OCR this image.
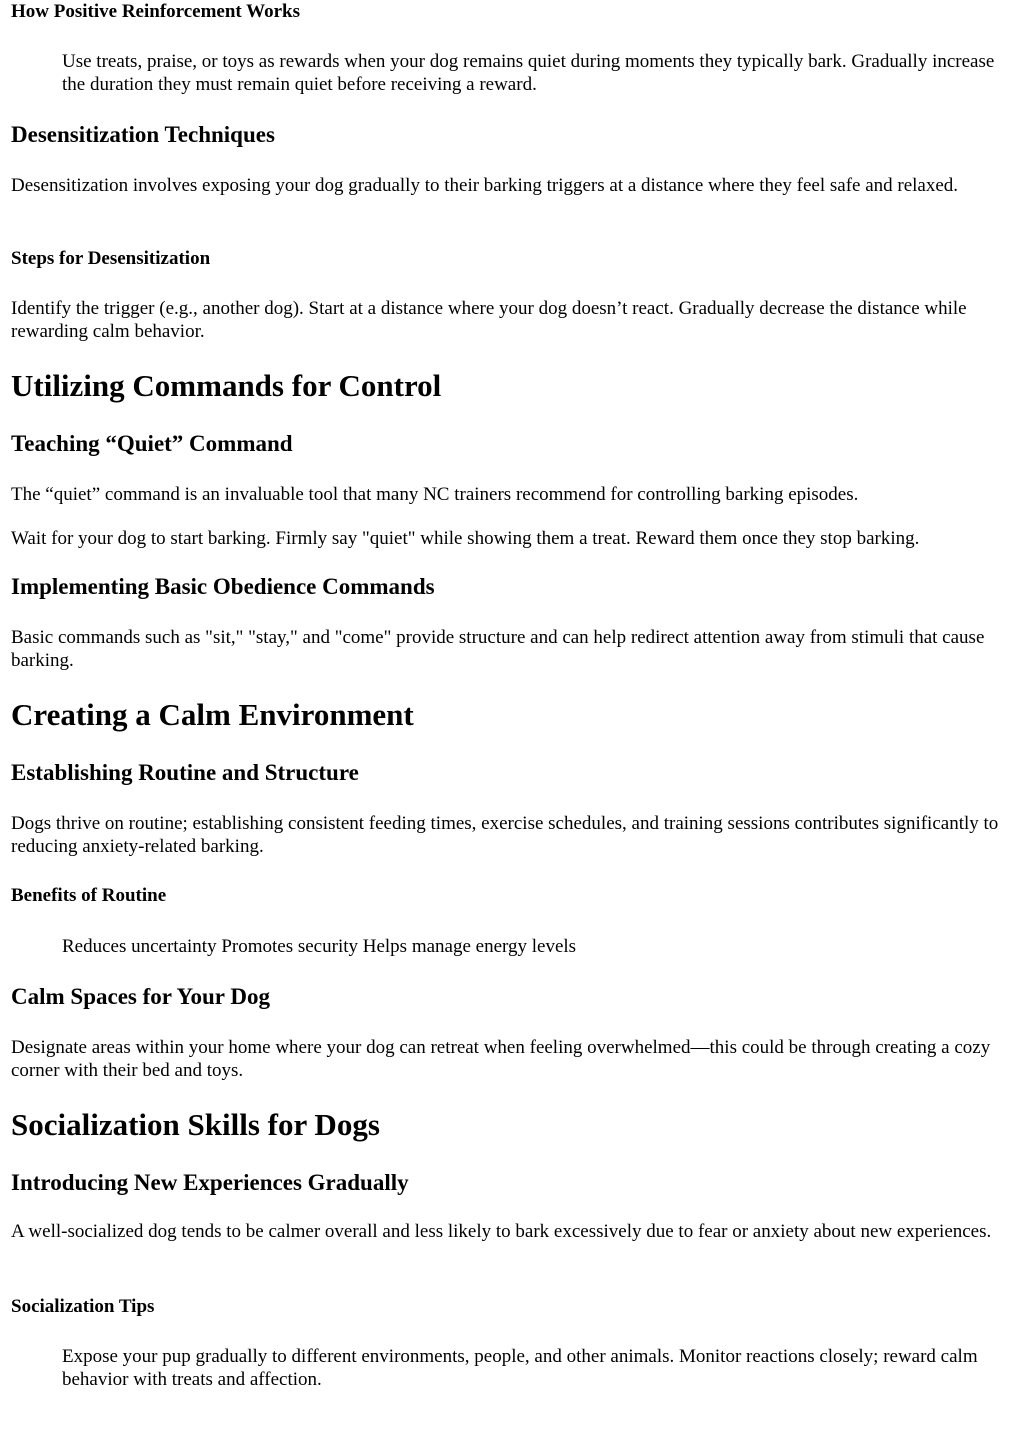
How Positive Reinforcement Works

Use treats, praise, or toys as rewards when your dog remains quiet during moments they typically bark. Gradually increase the duration they must remain quiet before receiving a reward.

Desensitization Techniques

Desensitization involves exposing your dog gradually to their barking triggers at a distance where they feel safe and relaxed.

Steps for Desensitization

Identify the trigger (e.g., another dog). Start at a distance where your dog doesn’t react. Gradually decrease the distance while rewarding calm behavior.

Utilizing Commands for Control
Teaching “Quiet” Command

The “quiet” command is an invaluable tool that many NC trainers recommend for controlling barking episodes.

Wait for your dog to start barking. Firmly say "quiet" while showing them a treat. Reward them once they stop barking.

Implementing Basic Obedience Commands

Basic commands such as "sit," "stay," and "come" provide structure and can help redirect attention away from stimuli that cause barking.

Creating a Calm Environment
Establishing Routine and Structure

Dogs thrive on routine; establishing consistent feeding times, exercise schedules, and training sessions contributes significantly to reducing anxiety-related barking.

Benefits of Routine

Reduces uncertainty Promotes security Helps manage energy levels

Calm Spaces for Your Dog

Designate areas within your home where your dog can retreat when feeling overwhelmed—this could be through creating a cozy corner with their bed and toys.

Socialization Skills for Dogs
Introducing New Experiences Gradually

A well-socialized dog tends to be calmer overall and less likely to bark excessively due to fear or anxiety about new experiences.

Socialization Tips

Expose your pup gradually to different environments, people, and other animals. Monitor reactions closely; reward calm behavior with treats and affection.
